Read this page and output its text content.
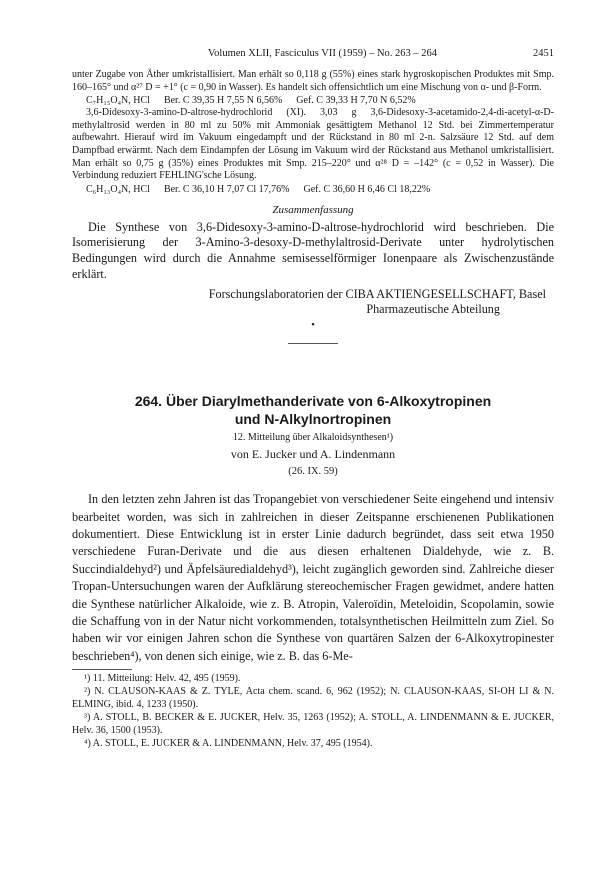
Volumen XLII, Fasciculus VII (1959) – No. 263 – 264	2451

unter Zugabe von Äther umkristallisiert. Man erhält so 0,118 g (55%) eines stark hygroskopischen Produktes mit Smp. 160–165° und α²⁷ D = +1° (c = 0,90 in Wasser). Es handelt sich offensichtlich um eine Mischung von α- und β-Form.

C₇H₁₅O₄N, HCl Ber. C 39,35 H 7,55 N 6,56% Gef. C 39,33 H 7,70 N 6,52%

3,6-Didesoxy-3-amino-D-altrose-hydrochlorid (XI). 3,03 g 3,6-Didesoxy-3-acetamido-2,4-di-acetyl-α-D-methylaltrosid werden in 80 ml zu 50% mit Ammoniak gesättigtem Methanol 12 Std. bei Zimmertemperatur aufbewahrt. Hierauf wird im Vakuum eingedampft und der Rückstand in 80 ml 2-n. Salzsäure 12 Std. auf dem Dampfbad erwärmt. Nach dem Eindampfen der Lösung im Vakuum wird der Rückstand aus Methanol umkristallisiert. Man erhält so 0,75 g (35%) eines Produktes mit Smp. 215–220° und α²⁸ D = –142° (c = 0,52 in Wasser). Die Verbindung reduziert FEHLING'sche Lösung.

C₆H₁₃O₄N, HCl Ber. C 36,10 H 7,07 Cl 17,76% Gef. C 36,60 H 6,46 Cl 18,22%
Zusammenfassung

Die Synthese von 3,6-Didesoxy-3-amino-D-altrose-hydrochlorid wird beschrieben. Die Isomerisierung der 3-Amino-3-desoxy-D-methylaltrosid-Derivate unter hydrolytischen Bedingungen wird durch die Annahme semisesselförmiger Ionenpaare als Zwischenzustände erklärt.

Forschungslaboratorien der CIBA AKTIENGESELLSCHAFT, Basel
Pharmazeutische Abteilung
•
264. Über Diarylmethanderivate von 6-Alkoxytropinen
und N-Alkylnortropinen
12. Mitteilung über Alkaloidsynthesen¹)
von E. Jucker und A. Lindenmann
(26. IX. 59)

In den letzten zehn Jahren ist das Tropangebiet von verschiedener Seite eingehend und intensiv bearbeitet worden, was sich in zahlreichen in dieser Zeitspanne erschienenen Publikationen dokumentiert. Diese Entwicklung ist in erster Linie dadurch begründet, dass seit etwa 1950 verschiedene Furan-Derivate und die aus diesen erhaltenen Dialdehyde, wie z. B. Succindialdehyd²) und Äpfelsäuredialdehyd³), leicht zugänglich geworden sind. Zahlreiche dieser Tropan-Untersuchungen waren der Aufklärung stereochemischer Fragen gewidmet, andere hatten die Synthese natürlicher Alkaloide, wie z. B. Atropin, Valeroïdin, Meteloidin, Scopolamin, sowie die Schaffung von in der Natur nicht vorkommenden, totalsynthetischen Heilmitteln zum Ziel. So haben wir vor einigen Jahren schon die Synthese von quartären Salzen der 6-Alkoxytropinester beschrieben⁴), von denen sich einige, wie z. B. das 6-Me-

¹) 11. Mitteilung: Helv. 42, 495 (1959).

²) N. CLAUSON-KAAS & Z. TYLE, Acta chem. scand. 6, 962 (1952); N. CLAUSON-KAAS, SI-OH LI & N. ELMING, ibid. 4, 1233 (1950).

³) A. STOLL, B. BECKER & E. JUCKER, Helv. 35, 1263 (1952); A. STOLL, A. LINDENMANN & E. JUCKER, Helv. 36, 1500 (1953).

⁴) A. STOLL, E. JUCKER & A. LINDENMANN, Helv. 37, 495 (1954).
